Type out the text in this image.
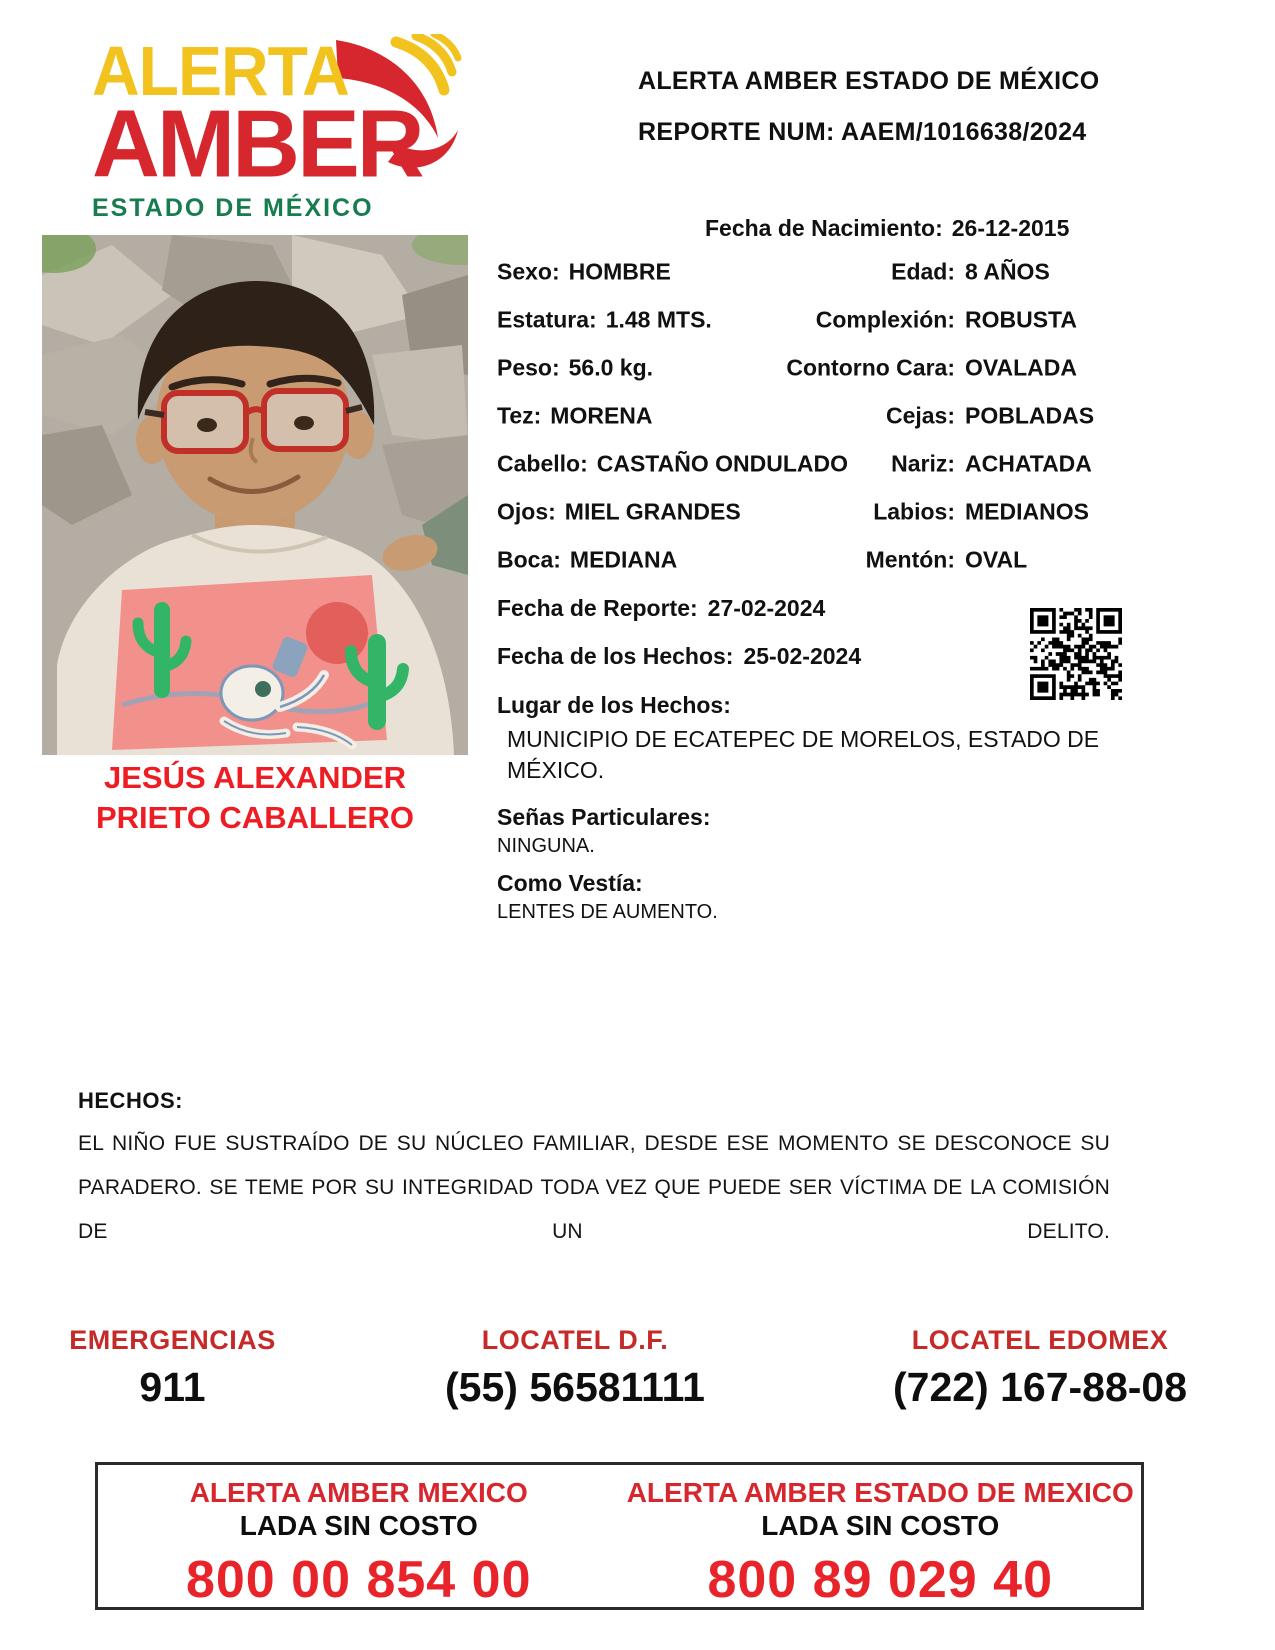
ALERTA
AMBER
ESTADO DE MÉXICO
ALERTA AMBER ESTADO DE MÉXICO
REPORTE NUM: AAEM/1016638/2024
JESÚS ALEXANDER
PRIETO CABALLERO
Fecha de Nacimiento: 26-12-2015
Edad: 8 AÑOS
Sexo: HOMBRE
Complexión: ROBUSTA
Estatura: 1.48 MTS.
Contorno Cara: OVALADA
Peso: 56.0 kg.
Cejas: POBLADAS
Tez: MORENA
Nariz: ACHATADA
Cabello: CASTAÑO ONDULADO
Labios: MEDIANOS
Ojos: MIEL GRANDES
Mentón: OVAL
Boca: MEDIANA
Fecha de Reporte: 27-02-2024
Fecha de los Hechos: 25-02-2024
Lugar de los Hechos:
MUNICIPIO DE ECATEPEC DE MORELOS, ESTADO DE MÉXICO.
Señas Particulares:
NINGUNA.
Como Vestía:
LENTES DE AUMENTO.
HECHOS:
EL NIÑO FUE SUSTRAÍDO DE SU NÚCLEO FAMILIAR, DESDE ESE MOMENTO SE DESCONOCE SU PARADERO. SE TEME POR SU INTEGRIDAD TODA VEZ QUE PUEDE SER VÍCTIMA DE LA COMISIÓN DE UN DELITO.
EMERGENCIAS
911
LOCATEL D.F.
(55) 56581111
LOCATEL EDOMEX
(722) 167-88-08
ALERTA AMBER MEXICO
LADA SIN COSTO
800 00 854 00
ALERTA AMBER ESTADO DE MEXICO
LADA SIN COSTO
800 89 029 40
